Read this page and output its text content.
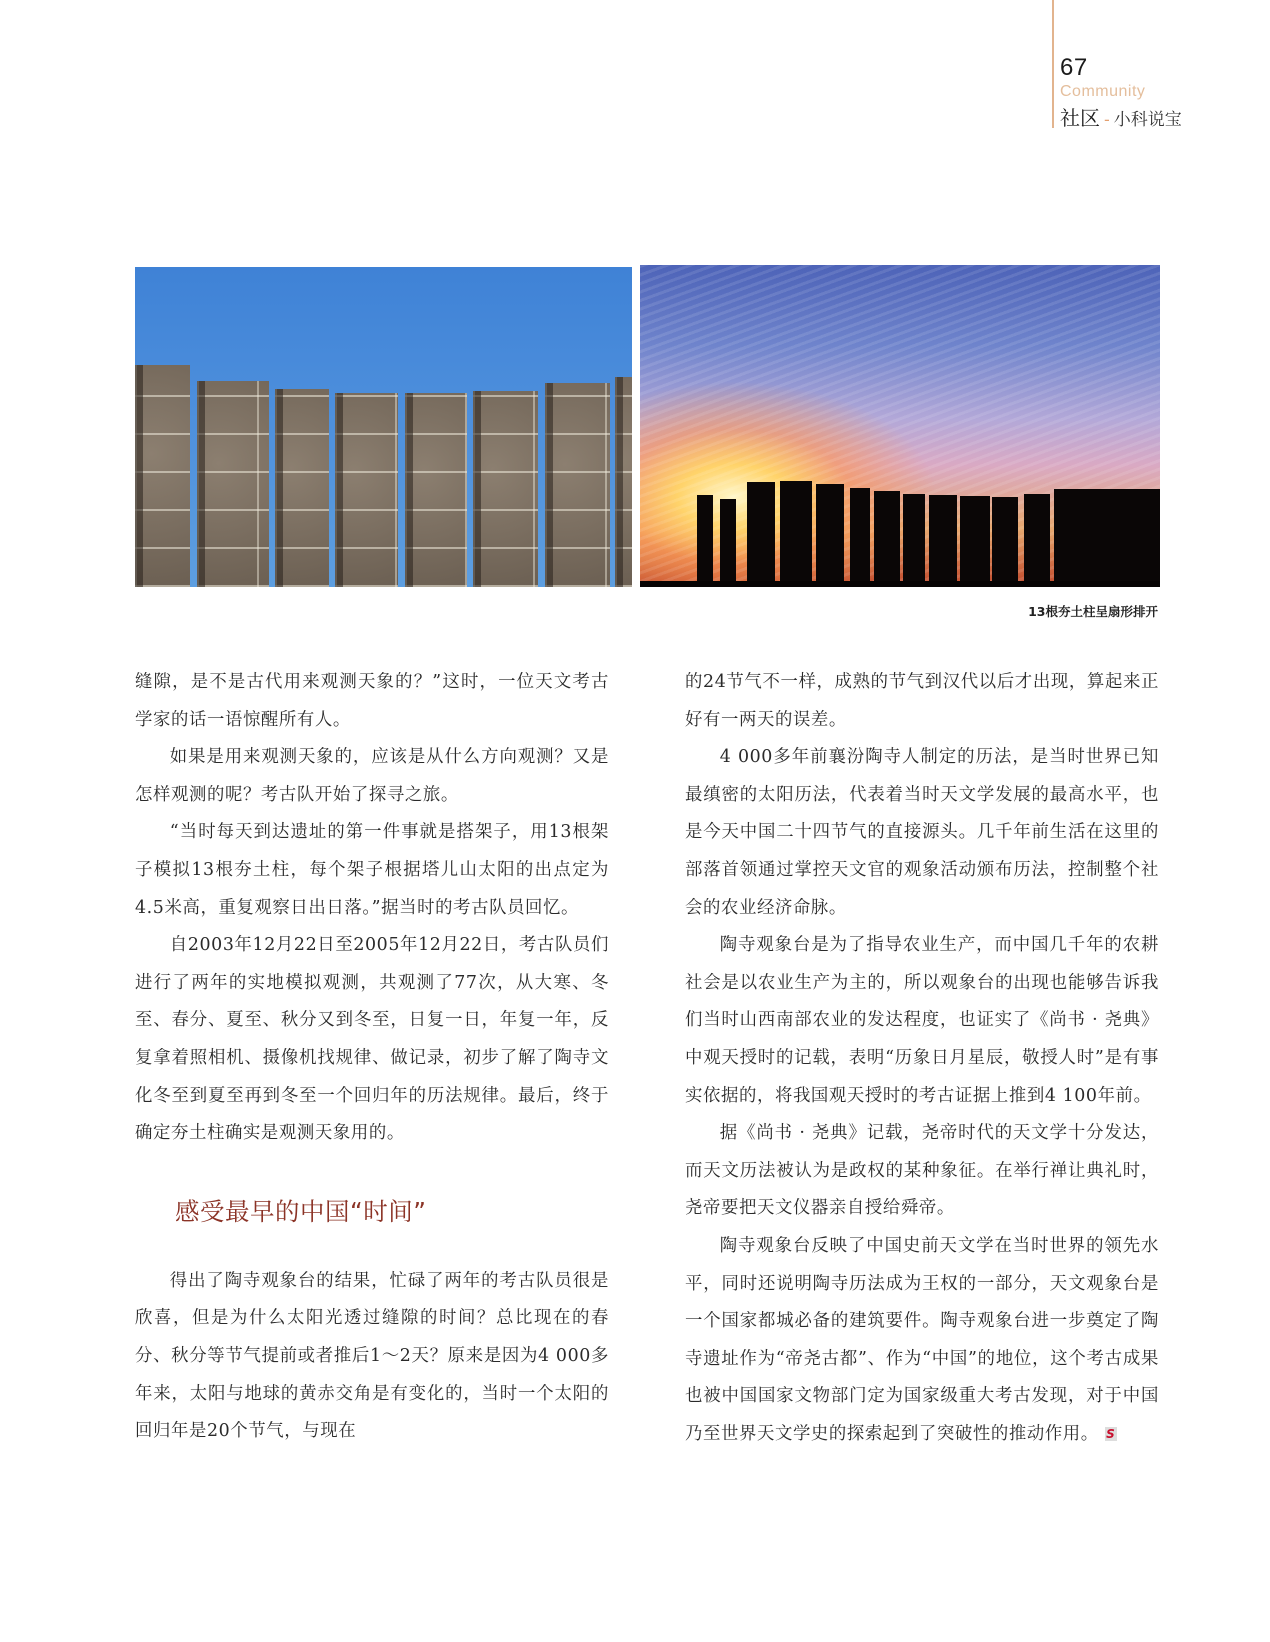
67
Community
社区 - 小科说宝
13根夯土柱呈扇形排开

缝隙，是不是古代用来观测天象的？”这时，一位天文考古学家的话一语惊醒所有人。

如果是用来观测天象的，应该是从什么方向观测？又是怎样观测的呢？考古队开始了探寻之旅。

“当时每天到达遗址的第一件事就是搭架子，用13根架子模拟13根夯土柱，每个架子根据塔儿山太阳的出点定为4.5米高，重复观察日出日落。”据当时的考古队员回忆。

自2003年12月22日至2005年12月22日，考古队员们进行了两年的实地模拟观测，共观测了77次，从大寒、冬至、春分、夏至、秋分又到冬至，日复一日，年复一年，反复拿着照相机、摄像机找规律、做记录，初步了解了陶寺文化冬至到夏至再到冬至一个回归年的历法规律。最后，终于确定夯土柱确实是观测天象用的。

感受最早的中国“时间”

得出了陶寺观象台的结果，忙碌了两年的考古队员很是欣喜，但是为什么太阳光透过缝隙的时间？总比现在的春分、秋分等节气提前或者推后1～2天？原来是因为4 000多年来，太阳与地球的黄赤交角是有变化的，当时一个太阳的回归年是20个节气，与现在

的24节气不一样，成熟的节气到汉代以后才出现，算起来正好有一两天的误差。

4 000多年前襄汾陶寺人制定的历法，是当时世界已知最缜密的太阳历法，代表着当时天文学发展的最高水平，也是今天中国二十四节气的直接源头。几千年前生活在这里的部落首领通过掌控天文官的观象活动颁布历法，控制整个社会的农业经济命脉。

陶寺观象台是为了指导农业生产，而中国几千年的农耕社会是以农业生产为主的，所以观象台的出现也能够告诉我们当时山西南部农业的发达程度，也证实了《尚书 · 尧典》中观天授时的记载，表明“历象日月星辰，敬授人时”是有事实依据的，将我国观天授时的考古证据上推到4 100年前。

据《尚书 · 尧典》记载，尧帝时代的天文学十分发达，而天文历法被认为是政权的某种象征。在举行禅让典礼时，尧帝要把天文仪器亲自授给舜帝。

陶寺观象台反映了中国史前天文学在当时世界的领先水平，同时还说明陶寺历法成为王权的一部分，天文观象台是一个国家都城必备的建筑要件。陶寺观象台进一步奠定了陶寺遗址作为“帝尧古都”、作为“中国”的地位，这个考古成果也被中国国家文物部门定为国家级重大考古发现，对于中国乃至世界天文学史的探索起到了突破性的推动作用。 S
